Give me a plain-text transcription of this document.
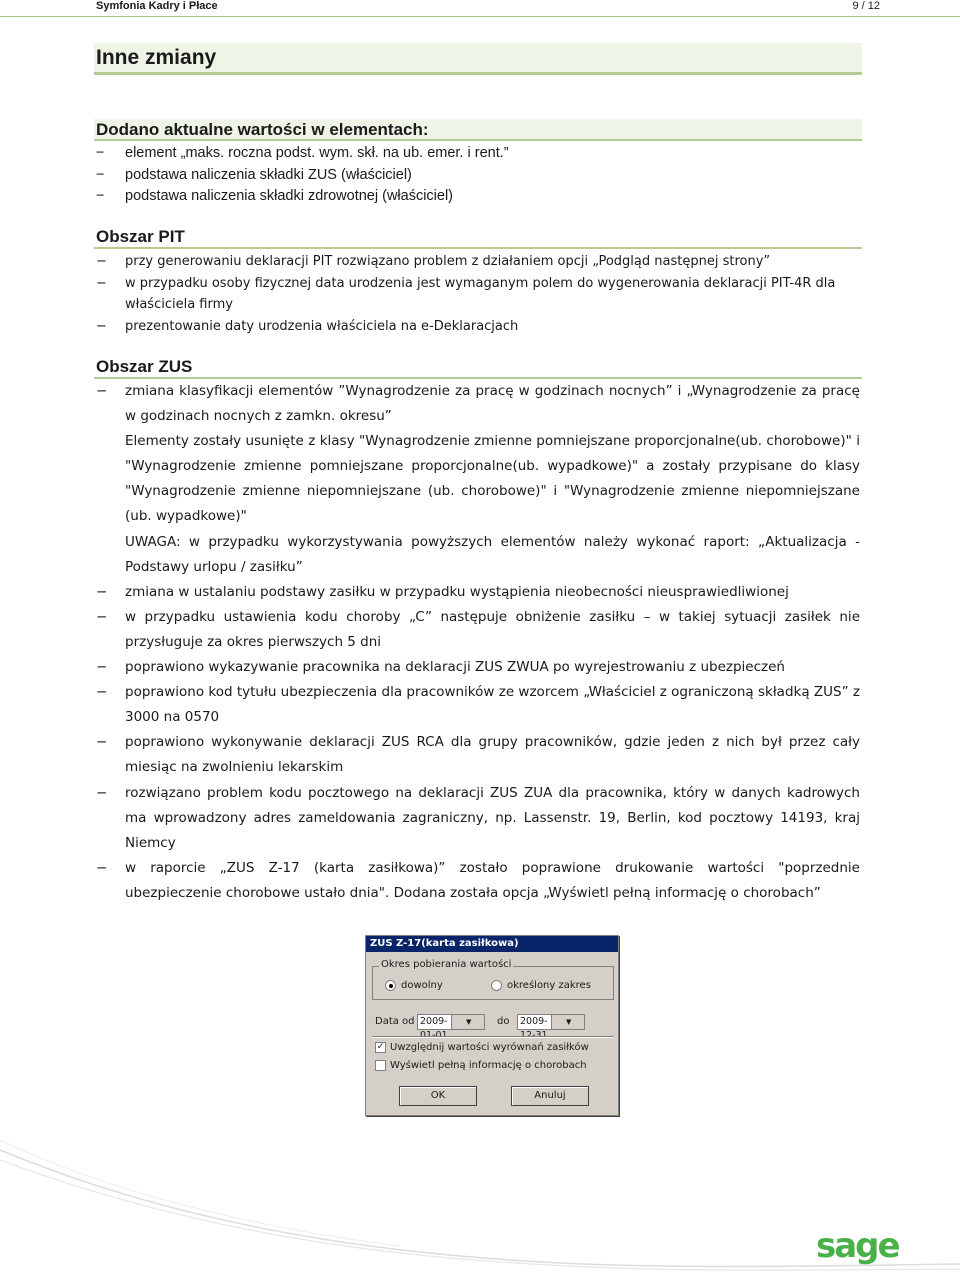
Symfonia Kadry i Płace	9 / 12
Inne zmiany
Dodano aktualne wartości w elementach:
− element „maks. roczna podst. wym. skł. na ub. emer. i rent.”
− podstawa naliczenia składki ZUS (właściciel)
− podstawa naliczenia składki zdrowotnej (właściciel)
Obszar PIT
− przy generowaniu deklaracji PIT rozwiązano problem z działaniem opcji „Podgląd następnej strony”
− w przypadku osoby fizycznej data urodzenia jest wymaganym polem do wygenerowania deklaracji PIT-4R dla właściciela firmy
− prezentowanie daty urodzenia właściciela na e-Deklaracjach
Obszar ZUS
− zmiana klasyfikacji elementów ”Wynagrodzenie za pracę w godzinach nocnych” i „Wynagrodzenie za pracę w godzinach nocnych z zamkn. okresu”
Elementy zostały usunięte z klasy "Wynagrodzenie zmienne pomniejszane proporcjonalne(ub. chorobowe)" i "Wynagrodzenie zmienne pomniejszane proporcjonalne(ub. wypadkowe)" a zostały przypisane do klasy "Wynagrodzenie zmienne niepomniejszane (ub. chorobowe)" i "Wynagrodzenie zmienne niepomniejszane (ub. wypadkowe)"
UWAGA: w przypadku wykorzystywania powyższych elementów należy wykonać raport: „Aktualizacja - Podstawy urlopu / zasiłku”
− zmiana w ustalaniu podstawy zasiłku w przypadku wystąpienia nieobecności nieusprawiedliwionej
− w przypadku ustawienia kodu choroby „C” następuje obniżenie zasiłku – w takiej sytuacji zasiłek nie przysługuje za okres pierwszych 5 dni
− poprawiono wykazywanie pracownika na deklaracji ZUS ZWUA po wyrejestrowaniu z ubezpieczeń
− poprawiono kod tytułu ubezpieczenia dla pracowników ze wzorcem „Właściciel z ograniczoną składką ZUS” z 3000 na 0570
− poprawiono wykonywanie deklaracji ZUS RCA dla grupy pracowników, gdzie jeden z nich był przez cały miesiąc na zwolnieniu lekarskim
− rozwiązano problem kodu pocztowego na deklaracji ZUS ZUA dla pracownika, który w danych kadrowych ma wprowadzony adres zameldowania zagraniczny, np. Lassenstr. 19, Berlin, kod pocztowy 14193, kraj Niemcy
− w raporcie „ZUS Z-17 (karta zasiłkowa)” zostało poprawione drukowanie wartości "poprzednie ubezpieczenie chorobowe ustało dnia". Dodana została opcja „Wyświetl pełną informację o chorobach”
ZUS Z-17(karta zasiłkowa)
Okres pobierania wartości
dowolny	określony zakres
Data od 2009-01-01
▼	do 2009-12-31
▼
✓ Uwzględnij wartości wyrównań zasiłków
Wyświetl pełną informację o chorobach
OK	Anuluj
sage
